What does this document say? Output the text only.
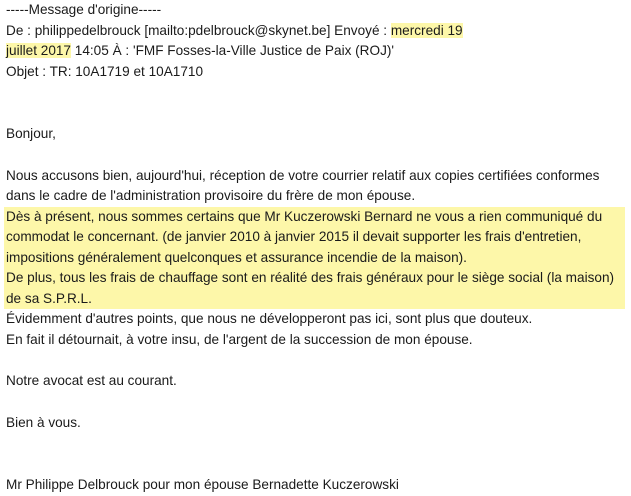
-----Message d'origine-----
De : philippedelbrouck [mailto:pdelbrouck@skynet.be] Envoyé : mercredi 19
juillet 2017 14:05 À : 'FMF Fosses-la-Ville Justice de Paix (ROJ)'
Objet : TR: 10A1719 et 10A1710
Bonjour,
Nous accusons bien, aujourd'hui, réception de votre courrier relatif aux copies certifiées conformes
dans le cadre de l'administration provisoire du frère de mon épouse.
Dès à présent, nous sommes certains que Mr Kuczerowski Bernard ne vous a rien communiqué du
commodat le concernant. (de janvier 2010 à janvier 2015 il devait supporter les frais d'entretien,
impositions généralement quelconques et assurance incendie de la maison).
De plus, tous les frais de chauffage sont en réalité des frais généraux pour le siège social (la maison)
de sa S.P.R.L.
Évidemment d'autres points, que nous ne développeront pas ici, sont plus que douteux.
En fait il détournait, à votre insu, de l'argent de la succession de mon épouse.
Notre avocat est au courant.
Bien à vous.
Mr Philippe Delbrouck pour mon épouse Bernadette Kuczerowski
